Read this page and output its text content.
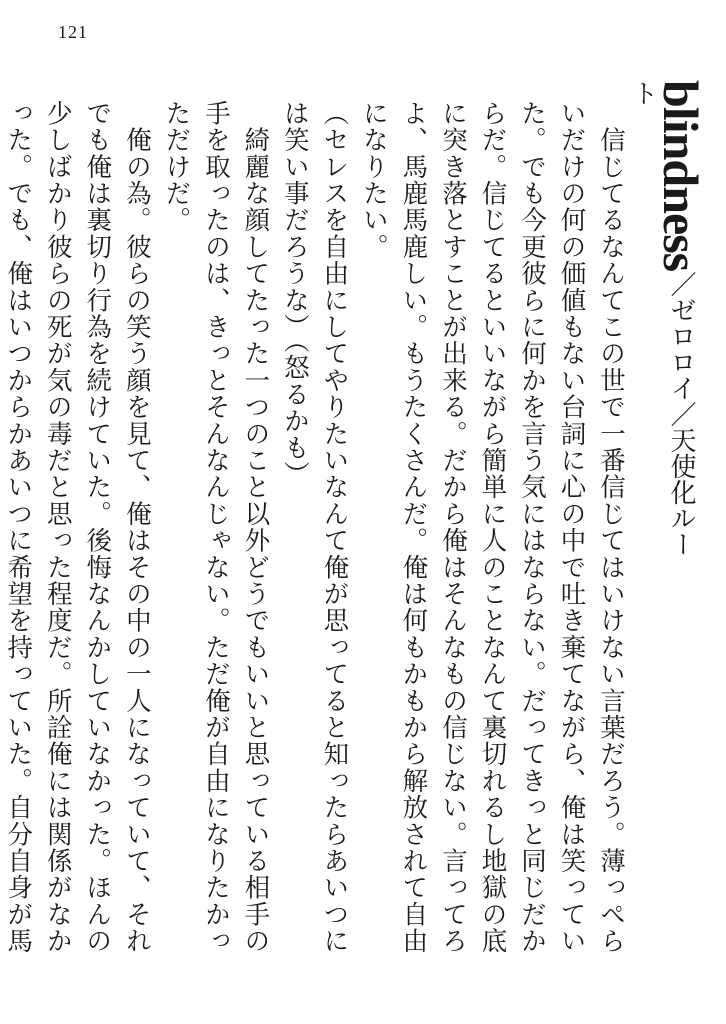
121
blindness／ゼロロイ／天使化ルート

　信じてるなんてこの世で一番信じてはいけない言葉だろう。薄っぺらいだけの何の価値もない台詞に心の中で吐き棄てながら、俺は笑っていた。でも今更彼らに何かを言う気にはならない。だってきっと同じだからだ。信じてるといいながら簡単に人のことなんて裏切れるし地獄の底に突き落とすことが出来る。だから俺はそんなもの信じない。言ってろよ、馬鹿馬鹿しい。もうたくさんだ。俺は何もかもから解放されて自由になりたい。

（セレスを自由にしてやりたいなんて俺が思ってると知ったらあいつには笑い事だろうな）（怒るかも）

　綺麗な顔してたった一つのこと以外どうでもいいと思っている相手の手を取ったのは、きっとそんなんじゃない。ただ俺が自由になりたかっただけだ。

　俺の為。彼らの笑う顔を見て、俺はその中の一人になっていて、それでも俺は裏切り行為を続けていた。後悔なんかしていなかった。ほんの少しばかり彼らの死が気の毒だと思った程度だ。所詮俺には関係がなかった。でも、俺はいつからかあいつに希望を持っていた。自分自身が馬
